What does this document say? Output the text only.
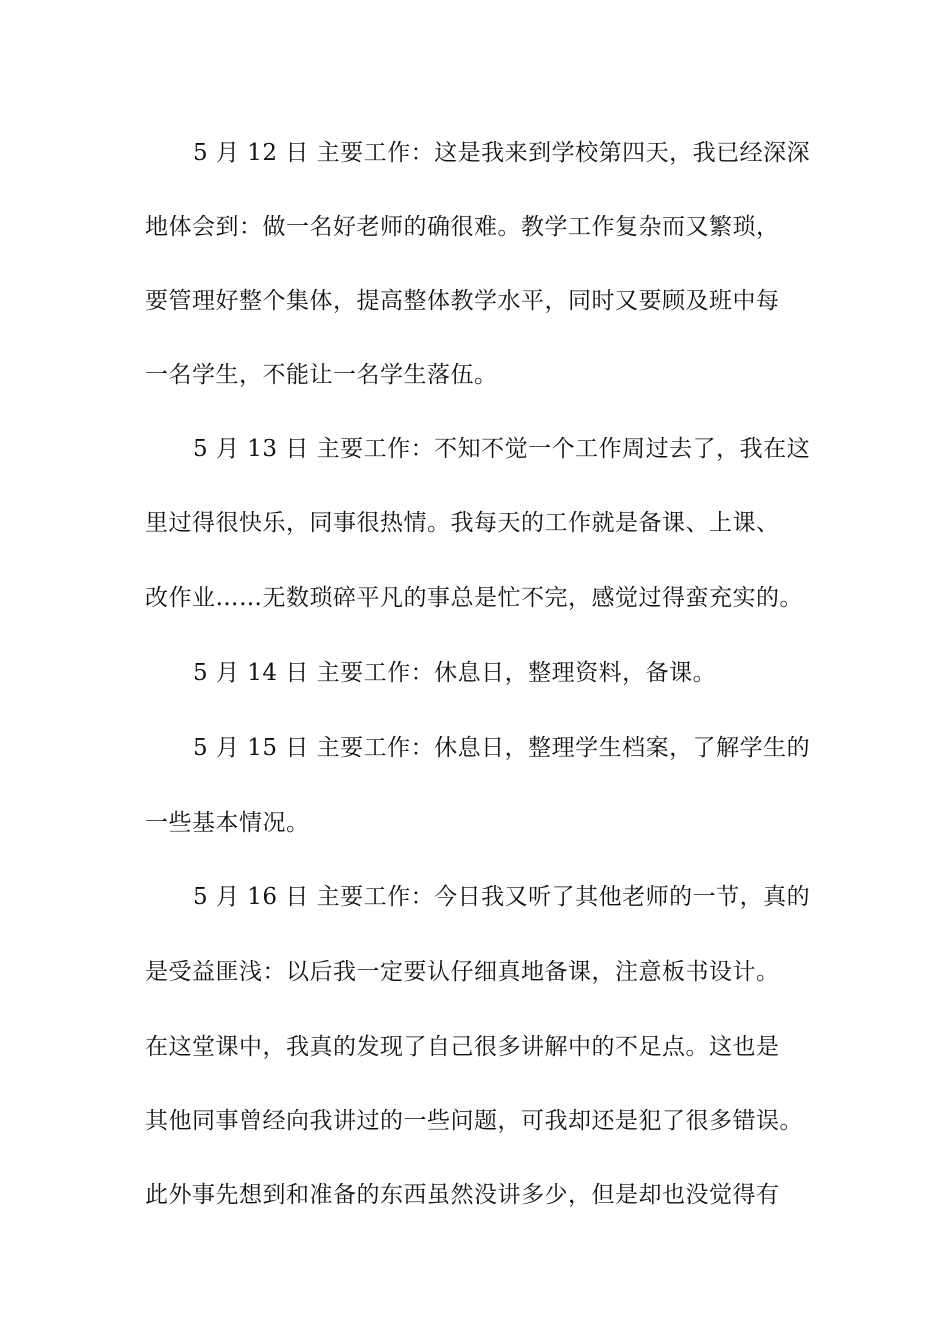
5 月 12 日 主要工作：这是我来到学校第四天，我已经深深
地体会到：做一名好老师的确很难。教学工作复杂而又繁琐，
要管理好整个集体，提高整体教学水平，同时又要顾及班中每
一名学生，不能让一名学生落伍。
5 月 13 日 主要工作：不知不觉一个工作周过去了，我在这
里过得很快乐，同事很热情。我每天的工作就是备课、上课、
改作业……无数琐碎平凡的事总是忙不完，感觉过得蛮充实的。
5 月 14 日 主要工作：休息日，整理资料，备课。
5 月 15 日 主要工作：休息日，整理学生档案，了解学生的
一些基本情况。
5 月 16 日 主要工作：今日我又听了其他老师的一节，真的
是受益匪浅：以后我一定要认仔细真地备课，注意板书设计。
在这堂课中，我真的发现了自己很多讲解中的不足点。这也是
其他同事曾经向我讲过的一些问题，可我却还是犯了很多错误。
此外事先想到和准备的东西虽然没讲多少，但是却也没觉得有
